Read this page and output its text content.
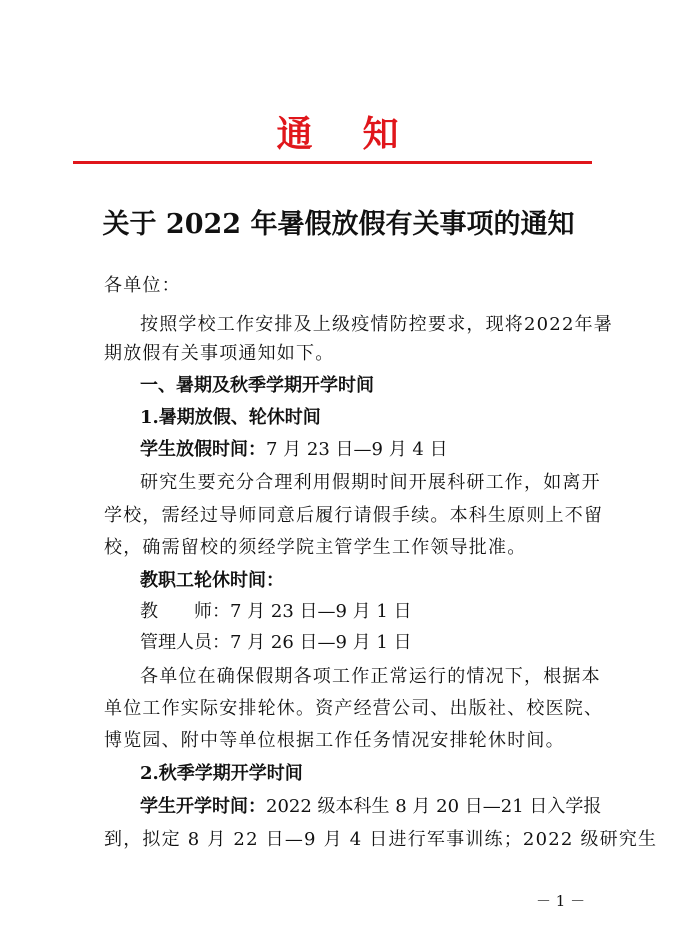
通 知
关于 2022 年暑假放假有关事项的通知
各单位：
按照学校工作安排及上级疫情防控要求，现将2022年暑
期放假有关事项通知如下。
一、暑期及秋季学期开学时间
1.暑期放假、轮休时间
学生放假时间：7 月 23 日—9 月 4 日
研究生要充分合理利用假期时间开展科研工作，如离开
学校，需经过导师同意后履行请假手续。本科生原则上不留
校，确需留校的须经学院主管学生工作领导批准。
教职工轮休时间：
教　　师：7 月 23 日—9 月 1 日
管理人员：7 月 26 日—9 月 1 日
各单位在确保假期各项工作正常运行的情况下，根据本
单位工作实际安排轮休。资产经营公司、出版社、校医院、
博览园、附中等单位根据工作任务情况安排轮休时间。
2.秋季学期开学时间
学生开学时间：2022 级本科生 8 月 20 日—21 日入学报
到，拟定 8 月 22 日—9 月 4 日进行军事训练；2022 级研究生
－ 1 －
